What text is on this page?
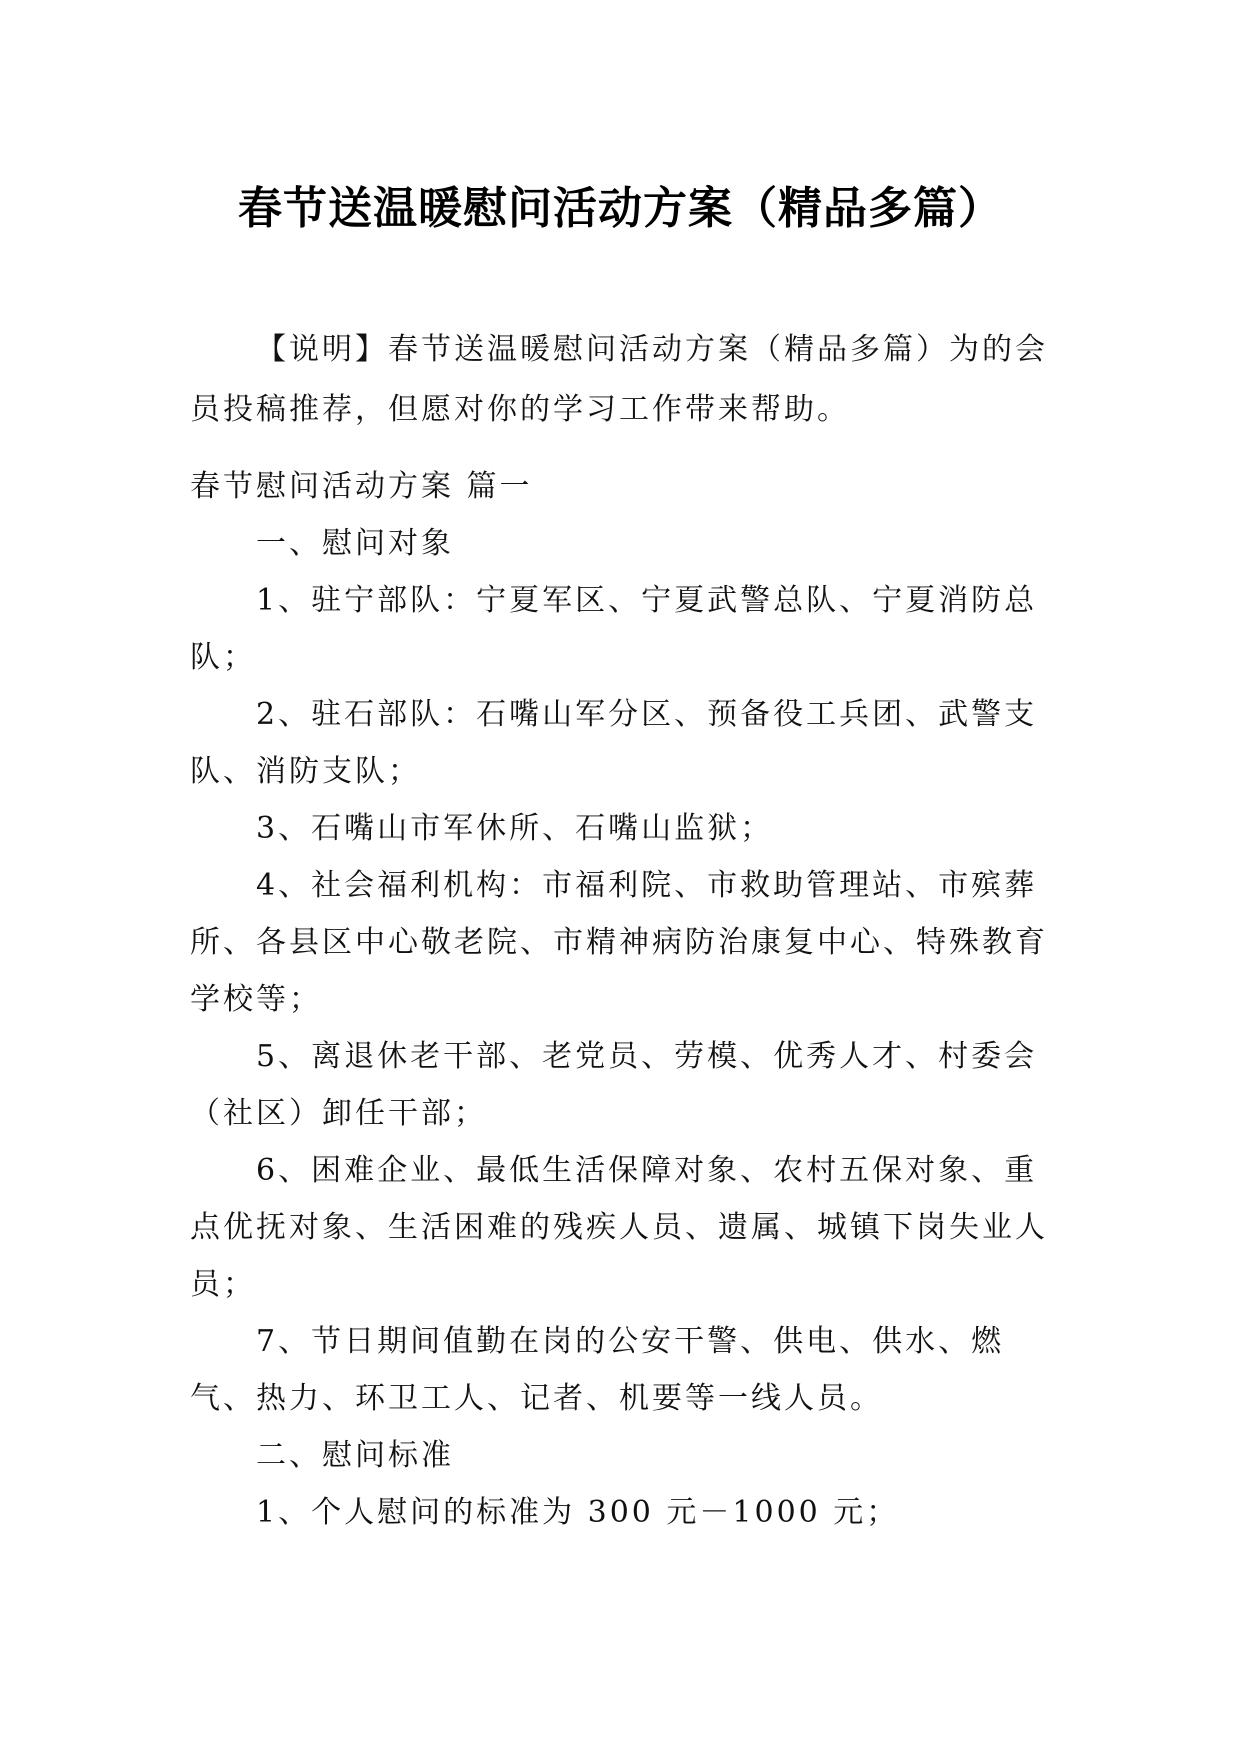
春节送温暖慰问活动方案（精品多篇）

【说明】春节送温暖慰问活动方案（精品多篇）为的会员投稿推荐，但愿对你的学习工作带来帮助。

春节慰问活动方案 篇一

一、慰问对象

1、驻宁部队：宁夏军区、宁夏武警总队、宁夏消防总队；

2、驻石部队：石嘴山军分区、预备役工兵团、武警支队、消防支队；

3、石嘴山市军休所、石嘴山监狱；

4、社会福利机构：市福利院、市救助管理站、市殡葬所、各县区中心敬老院、市精神病防治康复中心、特殊教育学校等；

5、离退休老干部、老党员、劳模、优秀人才、村委会（社区）卸任干部；

6、困难企业、最低生活保障对象、农村五保对象、重点优抚对象、生活困难的残疾人员、遗属、城镇下岗失业人员；

7、节日期间值勤在岗的公安干警、供电、供水、燃气、热力、环卫工人、记者、机要等一线人员。

二、慰问标准

1、个人慰问的标准为 300 元－1000 元；
